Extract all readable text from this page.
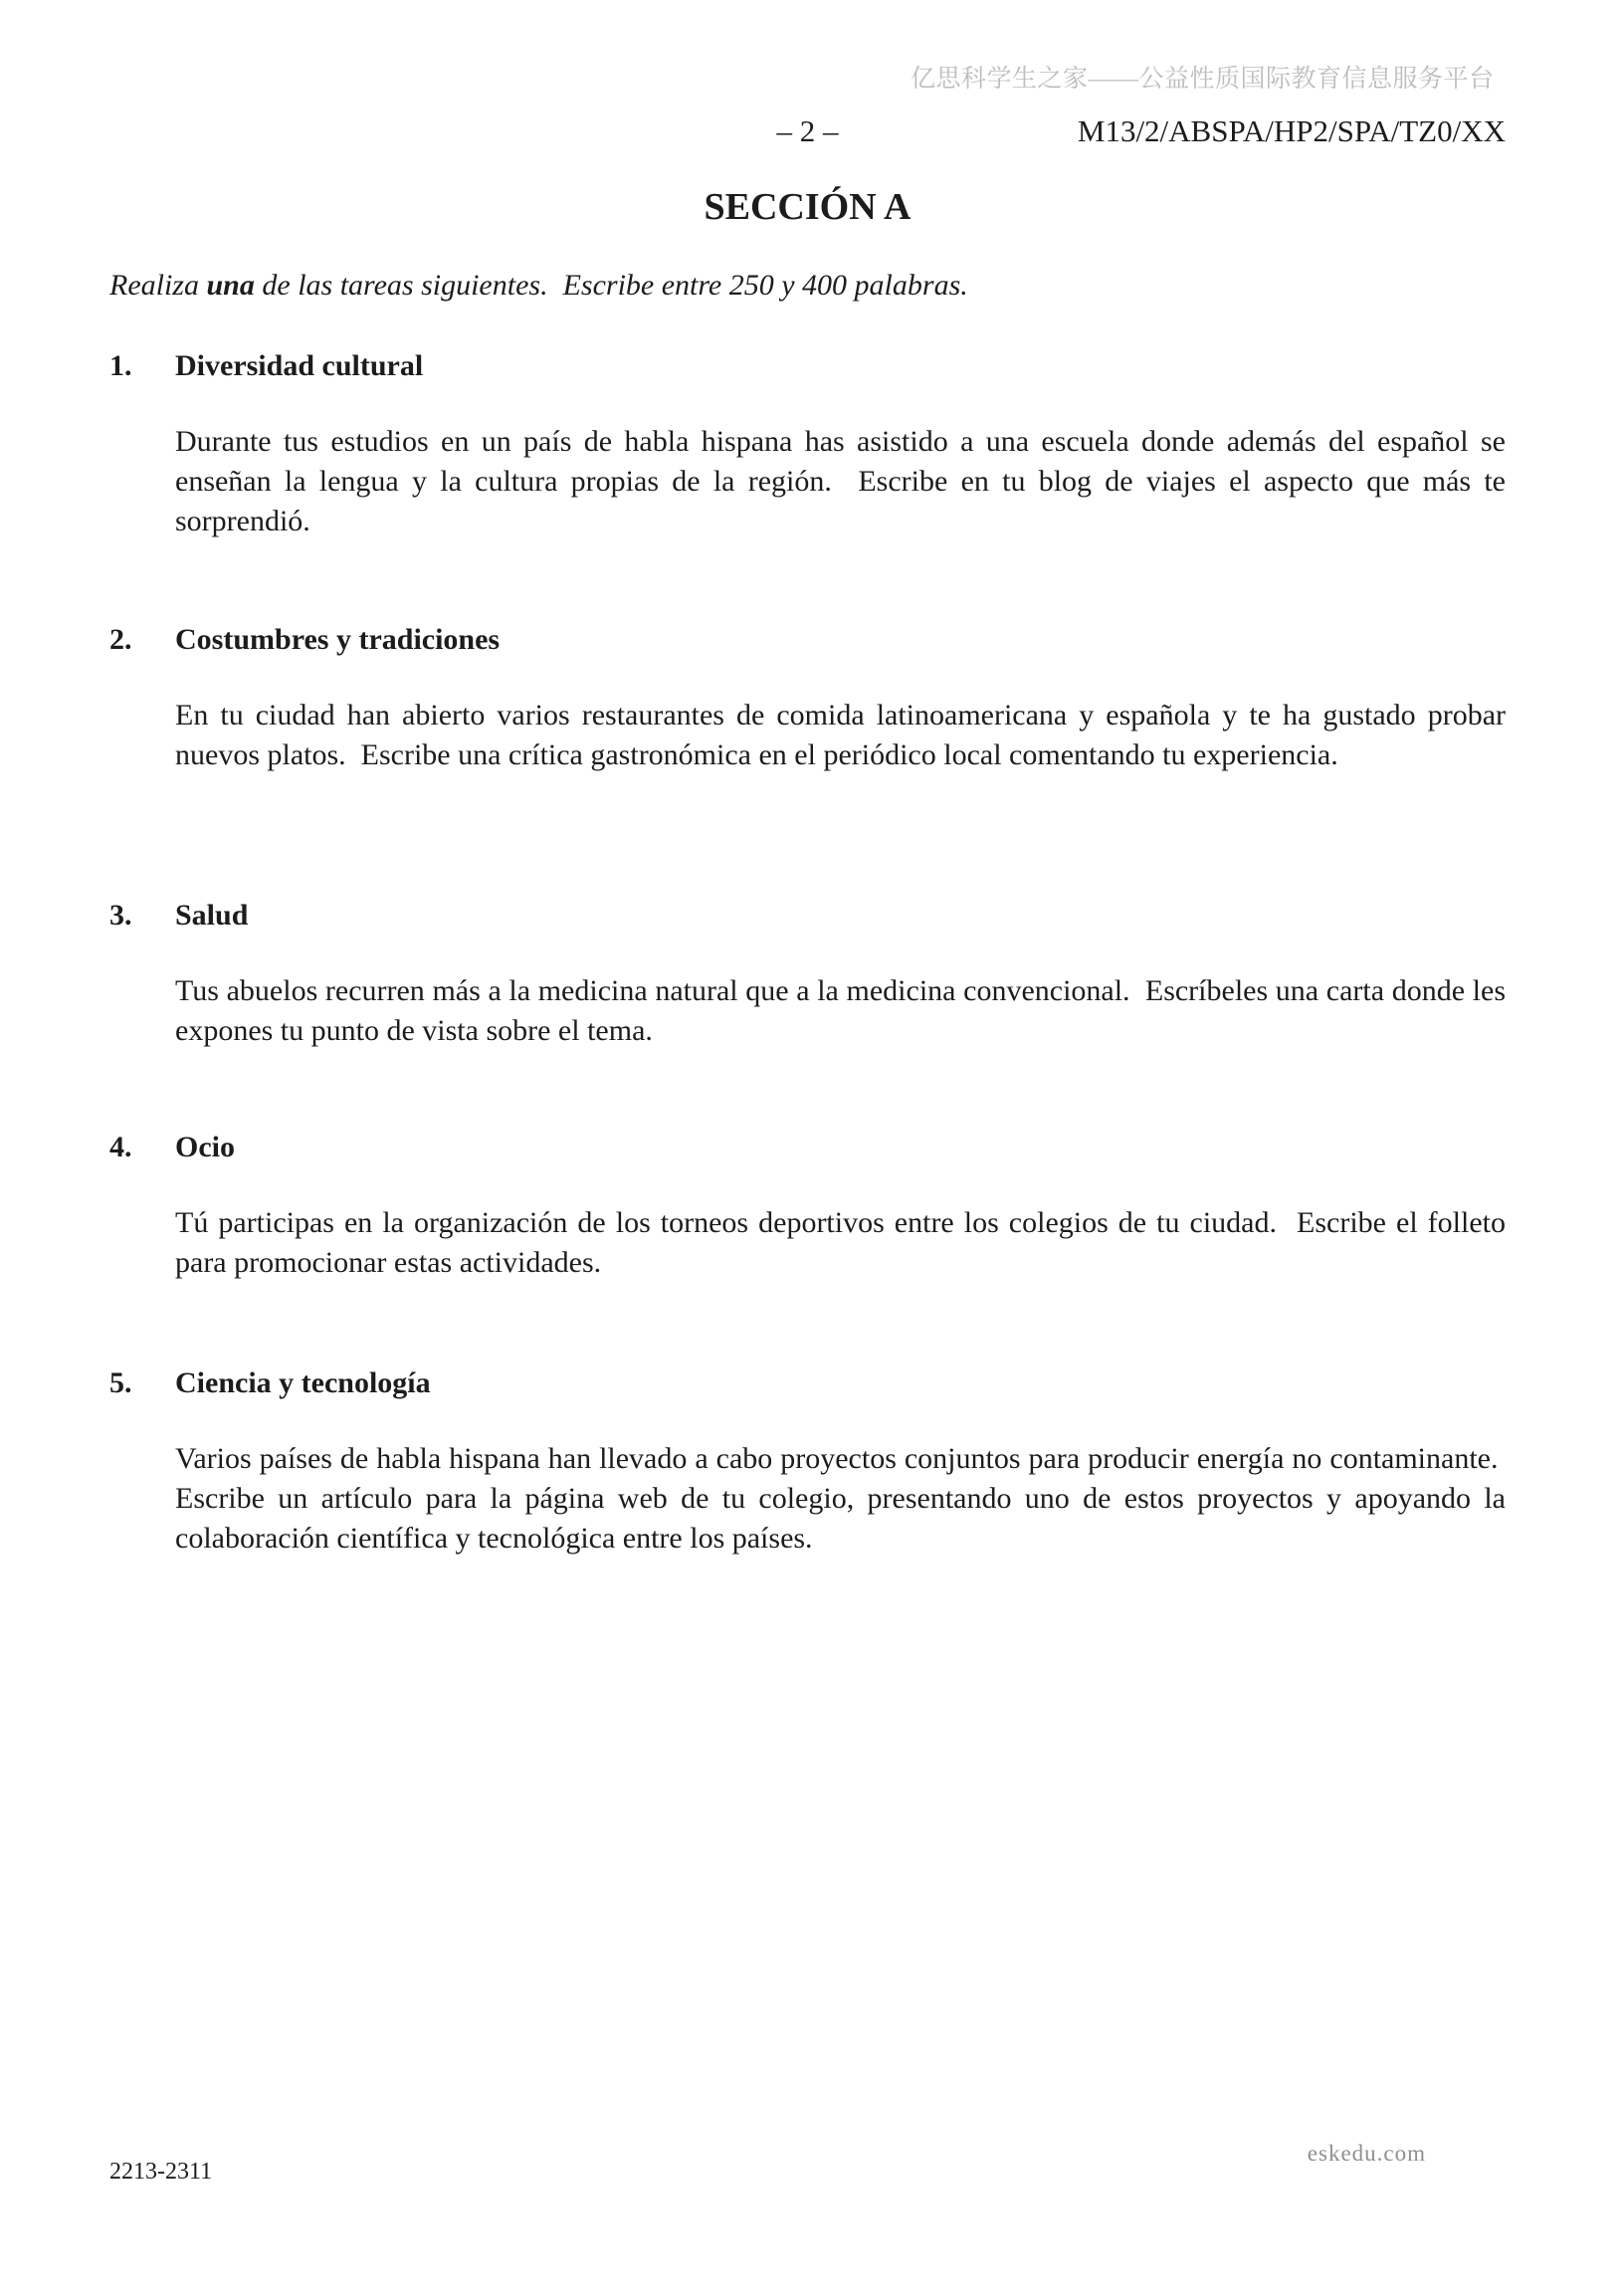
亿思科学生之家——公益性质国际教育信息服务平台
– 2 –	M13/2/ABSPA/HP2/SPA/TZ0/XX
SECCIÓN A

Realiza una de las tareas siguientes.  Escribe entre 250 y 400 palabras.

1.	Diversidad cultural
Durante tus estudios en un país de habla hispana has asistido a una escuela donde además del español se enseñan la lengua y la cultura propias de la región.  Escribe en tu blog de viajes el aspecto que más te sorprendió.
2.	Costumbres y tradiciones
En tu ciudad han abierto varios restaurantes de comida latinoamericana y española y te ha gustado probar nuevos platos.  Escribe una crítica gastronómica en el periódico local comentando tu experiencia.
3.	Salud
Tus abuelos recurren más a la medicina natural que a la medicina convencional.  Escríbeles una carta donde les expones tu punto de vista sobre el tema.
4.	Ocio
Tú participas en la organización de los torneos deportivos entre los colegios de tu ciudad.  Escribe el folleto para promocionar estas actividades.
5.	Ciencia y tecnología
Varios países de habla hispana han llevado a cabo proyectos conjuntos para producir energía no contaminante.  Escribe un artículo para la página web de tu colegio, presentando uno de estos proyectos y apoyando la colaboración científica y tecnológica entre los países.
2213-2311
eskedu.com
